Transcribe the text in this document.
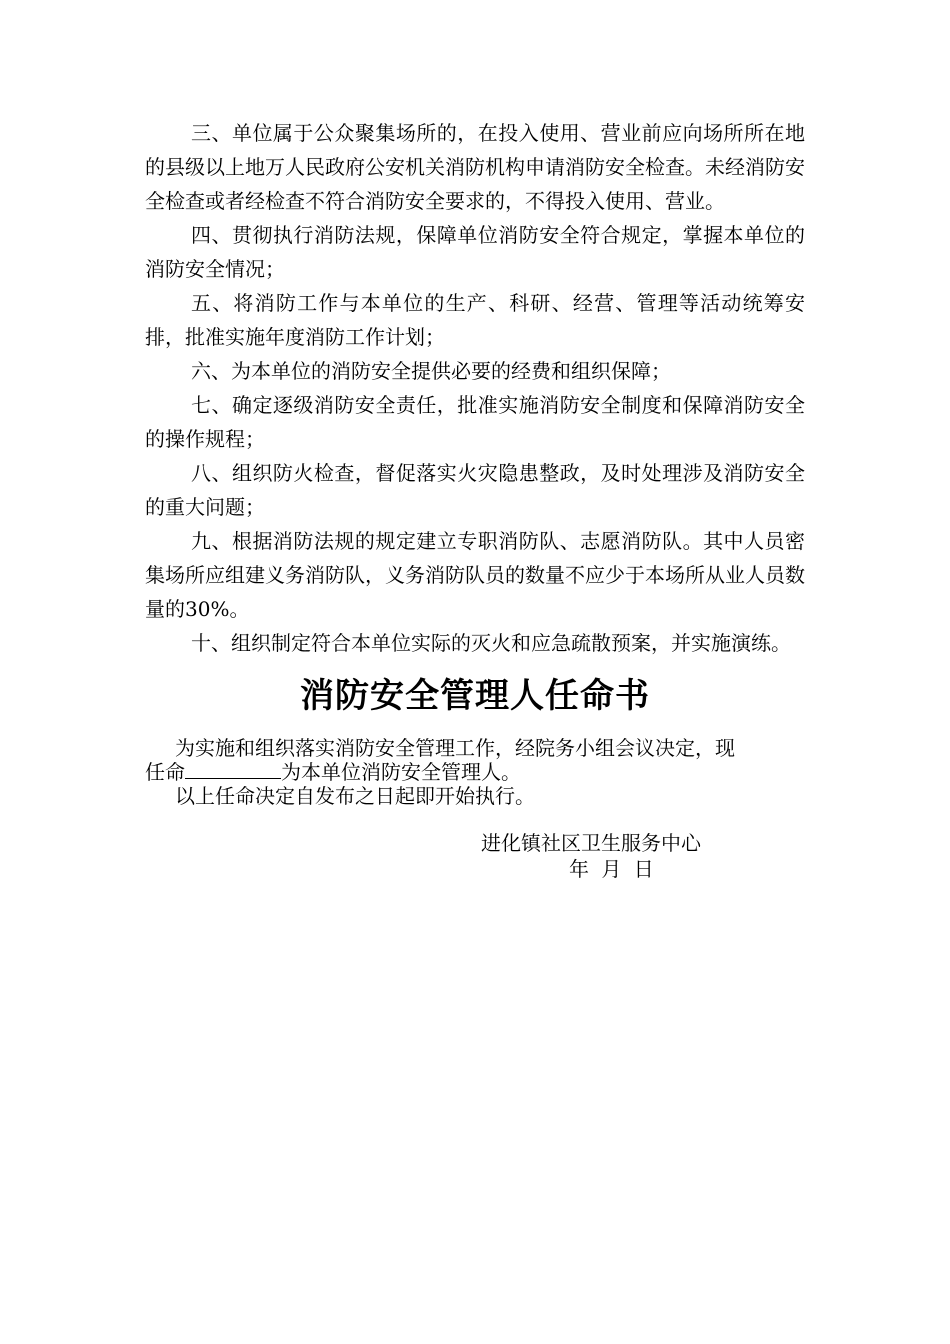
三、单位属于公众聚集场所的，在投入使用、营业前应向场所所在地的县级以上地万人民政府公安机关消防机构申请消防安全检查。未经消防安全检查或者经检查不符合消防安全要求的，不得投入使用、营业。

四、贯彻执行消防法规，保障单位消防安全符合规定，掌握本单位的消防安全情况；

五、将消防工作与本单位的生产、科研、经营、管理等活动统筹安排，批准实施年度消防工作计划；

六、为本单位的消防安全提供必要的经费和组织保障；

七、确定逐级消防安全责任，批准实施消防安全制度和保障消防安全的操作规程；

八、组织防火检查，督促落实火灾隐患整政，及时处理涉及消防安全的重大问题；

九、根据消防法规的规定建立专职消防队、志愿消防队。其中人员密集场所应组建义务消防队，义务消防队员的数量不应少于本场所从业人员数量的30%。

十、组织制定符合本单位实际的灭火和应急疏散预案，并实施演练。

消防安全管理人任命书

为实施和组织落实消防安全管理工作，经院务小组会议决定，现

任命	为本单位消防安全管理人。

以上任命决定自发布之日起即开始执行。

进化镇社区卫生服务中心
年 月 日
